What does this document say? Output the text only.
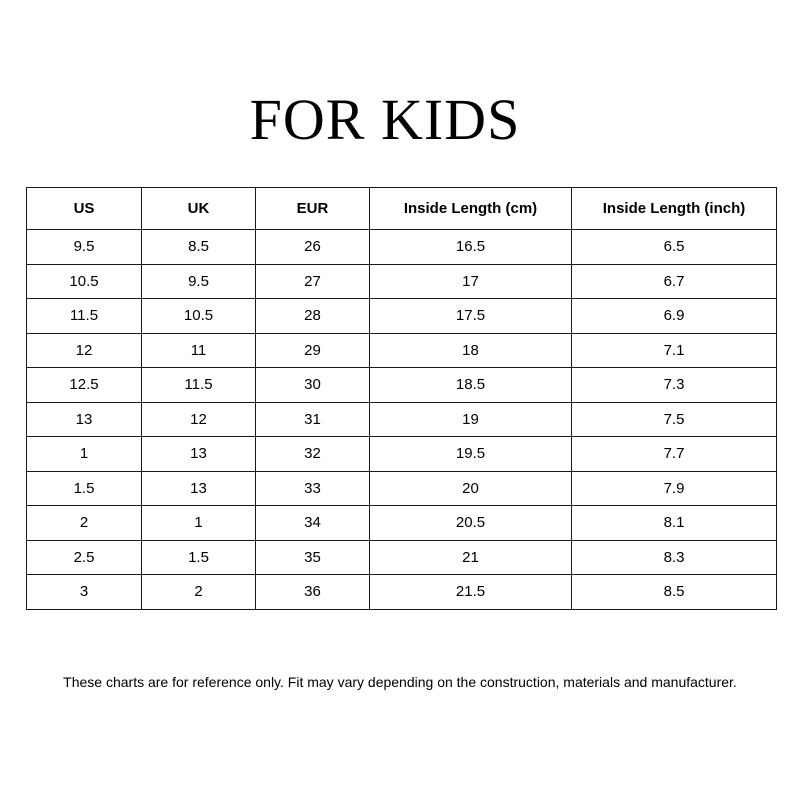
FOR KIDS
US	UK	EUR	Inside Length (cm)	Inside Length (inch)
9.5	8.5	26	16.5	6.5
10.5	9.5	27	17	6.7
11.5	10.5	28	17.5	6.9
12	11	29	18	7.1
12.5	11.5	30	18.5	7.3
13	12	31	19	7.5
1	13	32	19.5	7.7
1.5	13	33	20	7.9
2	1	34	20.5	8.1
2.5	1.5	35	21	8.3
3	2	36	21.5	8.5
These charts are for reference only. Fit may vary depending on the construction, materials and manufacturer.
